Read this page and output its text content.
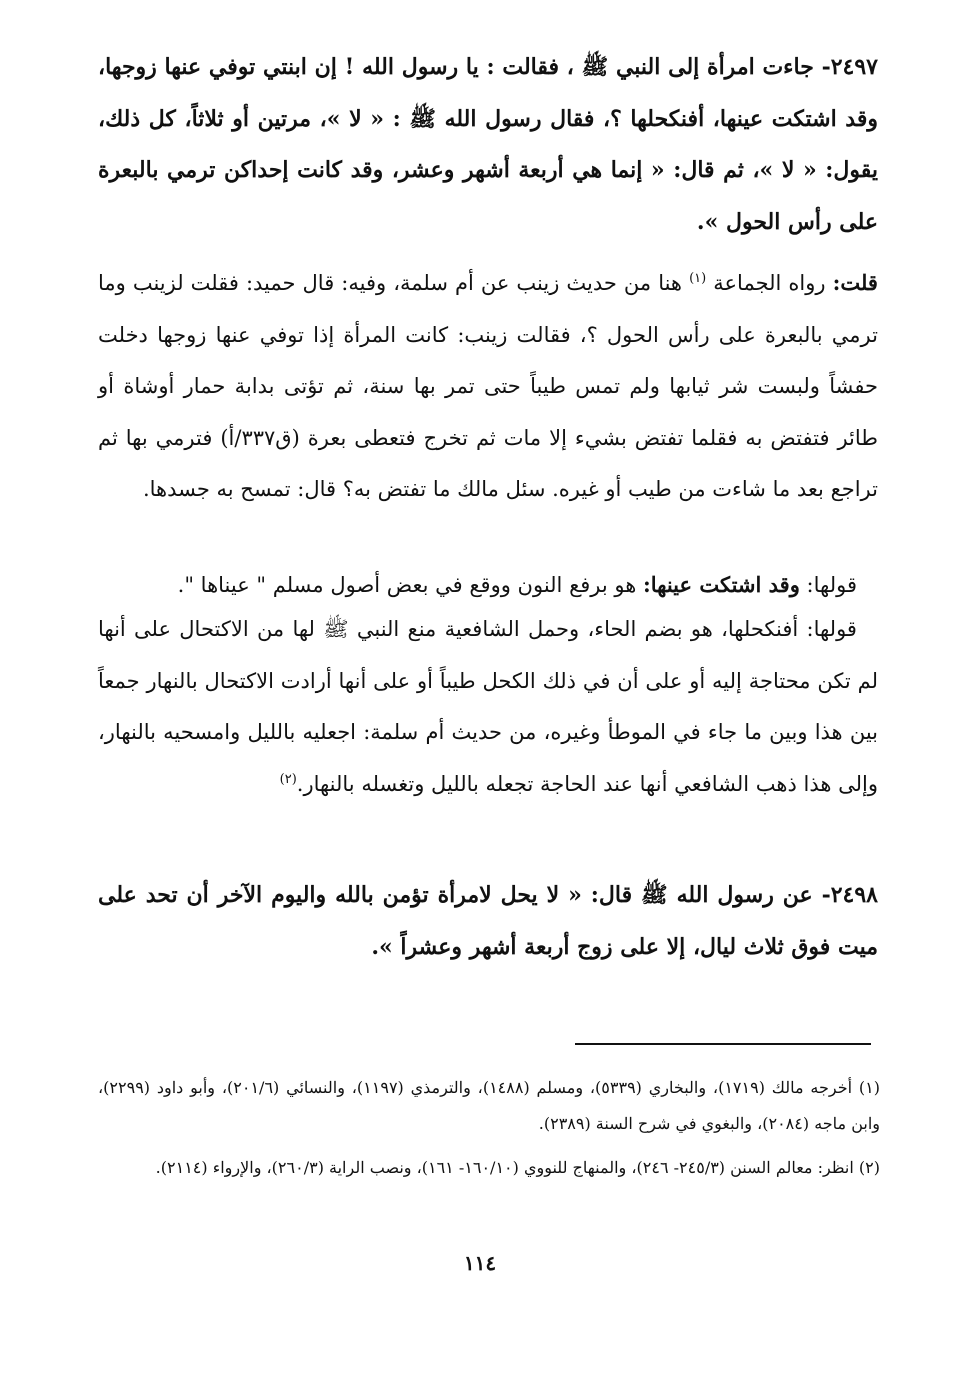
٢٤٩٧- جاءت امرأة إلى النبي ﷺ ، فقالت : يا رسول الله ! إن ابنتي توفي عنها زوجها، وقد اشتكت عينها، أفنكحلها ؟، فقال رسول الله ﷺ : « لا »، مرتين أو ثلاثاً، كل ذلك، يقول: « لا »، ثم قال: « إنما هي أربعة أشهر وعشر، وقد كانت إحداكن ترمي بالبعرة على رأس الحول ».

قلت: رواه الجماعة $^{(١)}$ هنا من حديث زينب عن أم سلمة، وفيه: قال حميد: فقلت لزينب وما ترمي بالبعرة على رأس الحول ؟، فقالت زينب: كانت المرأة إذا توفي عنها زوجها دخلت حفشاً ولبست شر ثيابها ولم تمس طيباً حتى تمر بها سنة، ثم تؤتى بدابة حمار أوشاة أو طائر فتفتض به فقلما تفتض بشيء إلا مات ثم تخرج فتعطى بعرة (ق٣٣٧/أ) فترمي بها ثم تراجع بعد ما شاءت من طيب أو غيره. سئل مالك ما تفتض به؟ قال: تمسح به جسدها.

 قولها: وقد اشتكت عينها: هو برفع النون ووقع في بعض أصول مسلم " عيناها ".

 قولها: أفنكحلها، هو بضم الحاء، وحمل الشافعية منع النبي ﷺ لها من الاكتحال على أنها لم تكن محتاجة إليه أو على أن في ذلك الكحل طيباً أو على أنها أرادت الاكتحال بالنهار جمعاً بين هذا وبين ما جاء في الموطأ وغيره، من حديث أم سلمة: اجعليه بالليل وامسحيه بالنهار، وإلى هذا ذهب الشافعي أنها عند الحاجة تجعله بالليل وتغسله بالنهار.$^{(٢)}$

٢٤٩٨- عن رسول الله ﷺ قال: « لا يحل لامرأة تؤمن بالله واليوم الآخر أن تحد على ميت فوق ثلاث ليال، إلا على زوج أربعة أشهر وعشراً ».

(١) أخرجه مالك (١٧١٩)، والبخاري (٥٣٣٩)، ومسلم (١٤٨٨)، والترمذي (١١٩٧)، والنسائي (٢٠١/٦)، وأبو داود (٢٢٩٩)، وابن ماجه (٢٠٨٤)، والبغوي في شرح السنة (٢٣٨٩).

(٢) انظر: معالم السنن (٢٤٥/٣- ٢٤٦)، والمنهاج للنووي (١٦٠/١٠- ١٦١)، ونصب الراية (٢٦٠/٣)، والإرواء (٢١١٤).

١١٤
